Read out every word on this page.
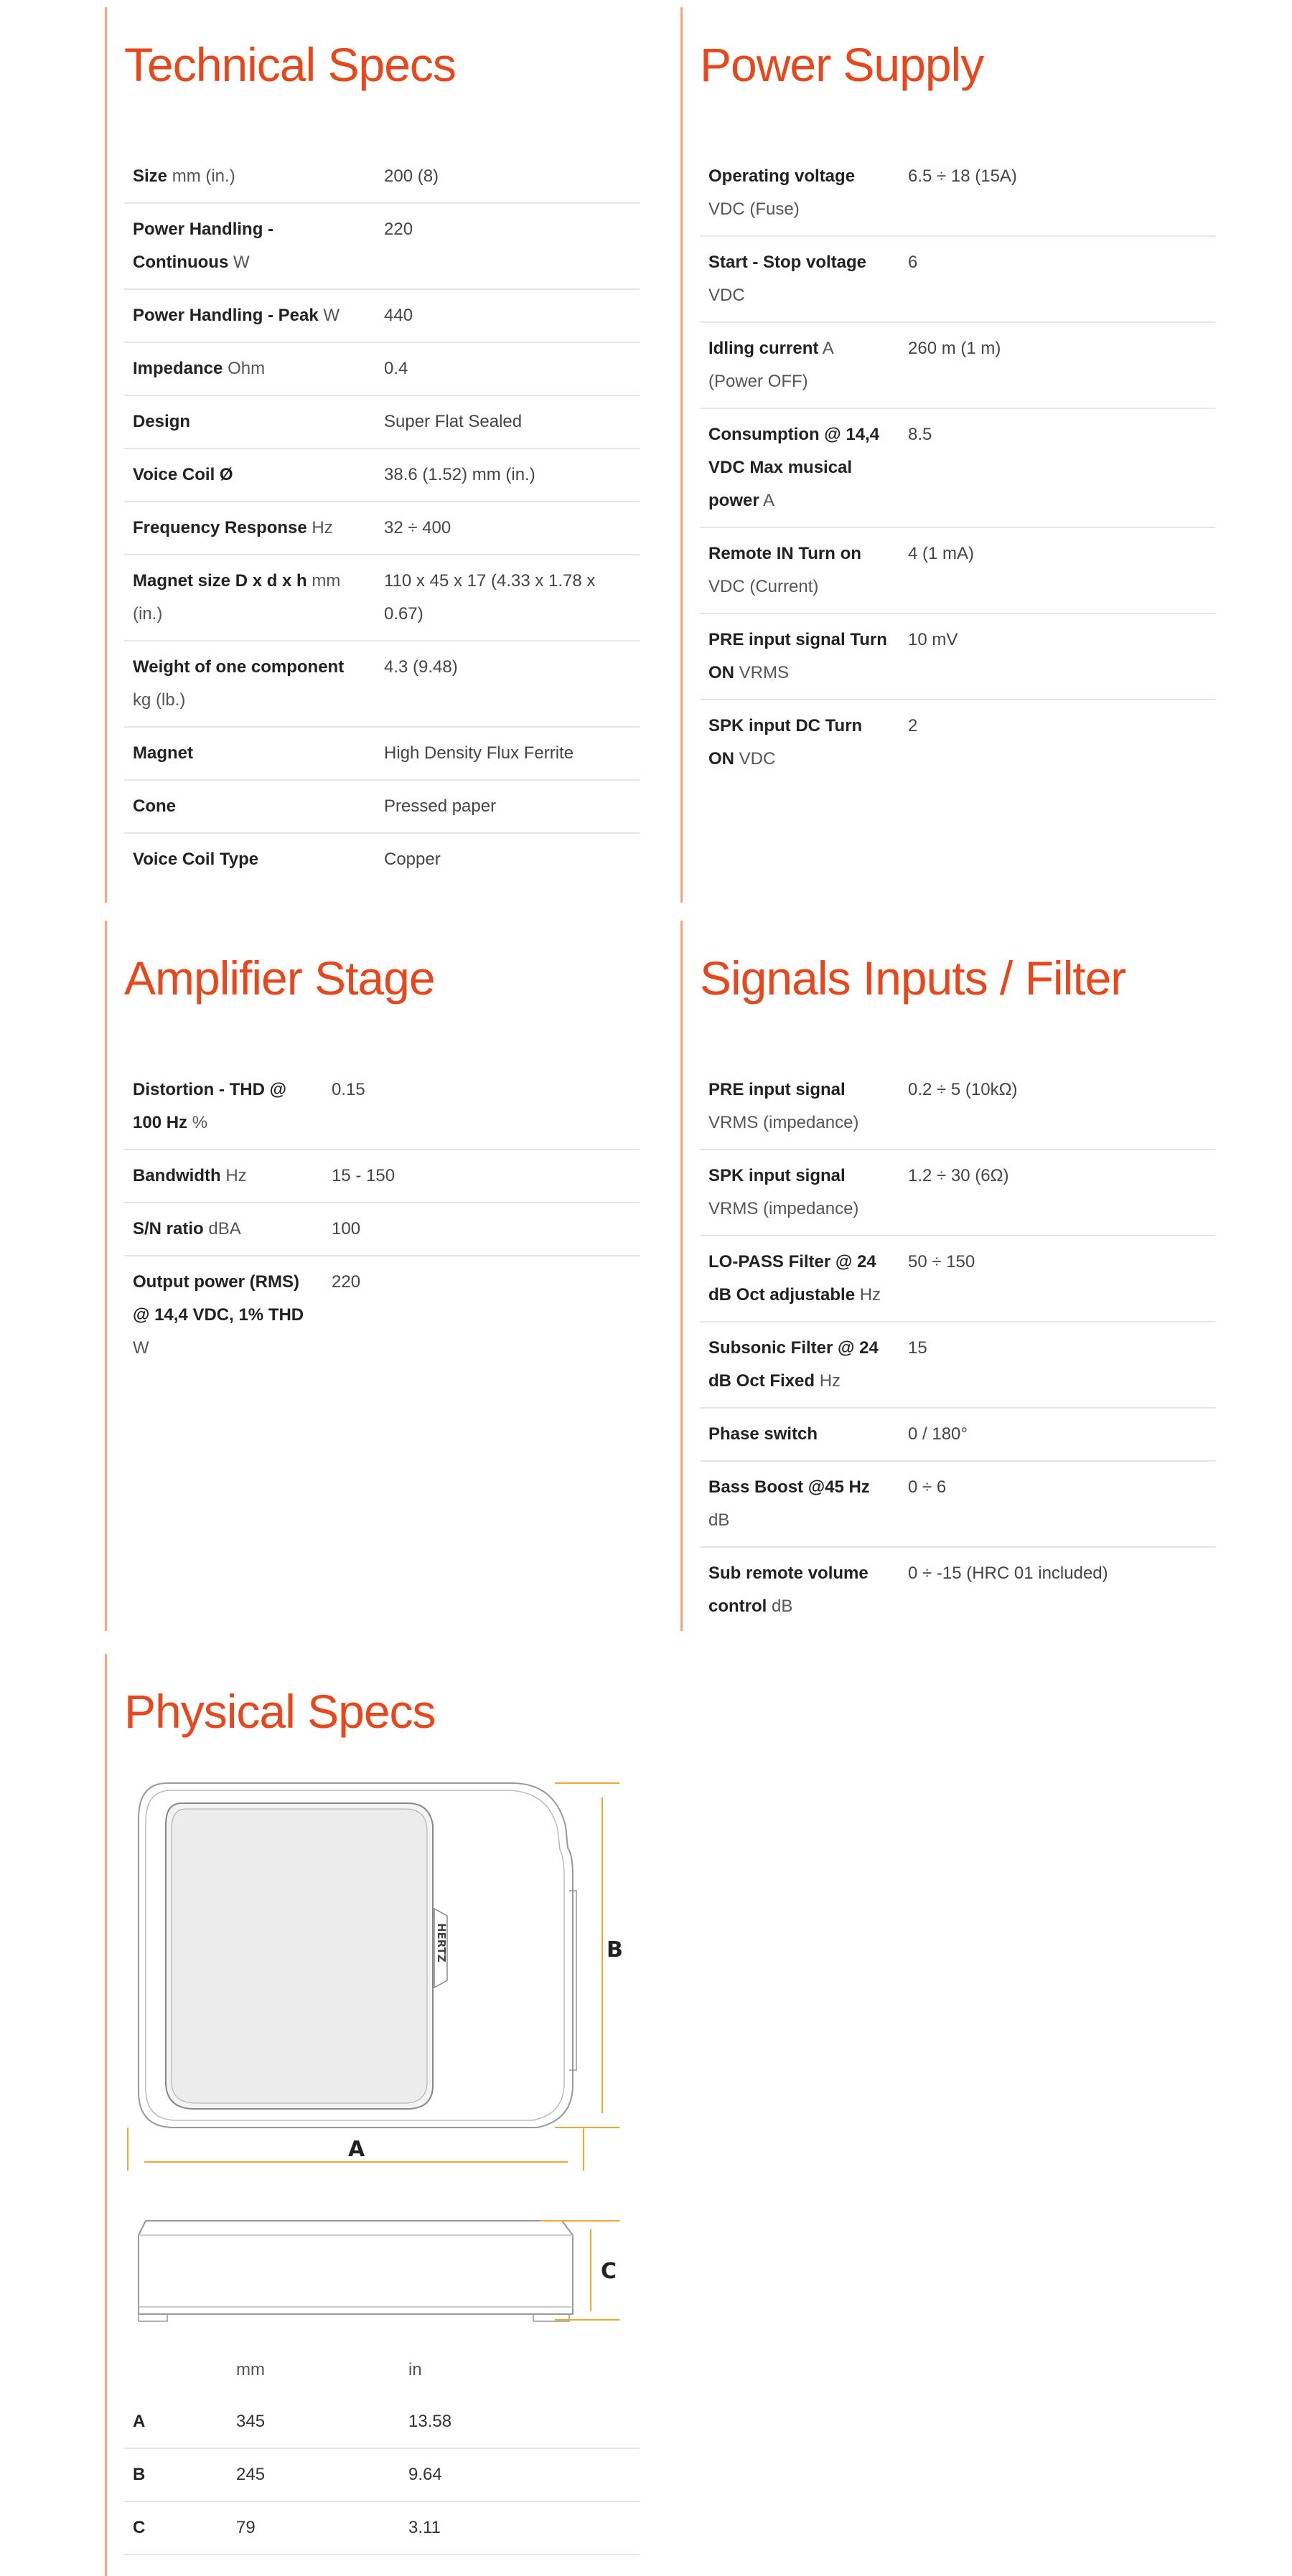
Technical Specs
Size mm (in.)	200 (8)
Power Handling - Continuous W	220
Power Handling - Peak W	440
Impedance Ohm	0.4
Design	Super Flat Sealed
Voice Coil Ø	38.6 (1.52) mm (in.)
Frequency Response Hz	32 ÷ 400
Magnet size D x d x h mm (in.)	110 x 45 x 17 (4.33 x 1.78 x 0.67)
Weight of one component kg (lb.)	4.3 (9.48)
Magnet	High Density Flux Ferrite
Cone	Pressed paper
Voice Coil Type	Copper
Power Supply
Operating voltage VDC (Fuse)	6.5 ÷ 18 (15A)
Start - Stop voltage VDC	6
Idling current A (Power OFF)	260 m (1 m)
Consumption @ 14,4 VDC Max musical power A	8.5
Remote IN Turn on VDC (Current)	4 (1 mA)
PRE input signal Turn ON VRMS	10 mV
SPK input DC Turn ON VDC	2
Amplifier Stage
Distortion - THD @ 100 Hz %	0.15
Bandwidth Hz	15 - 150
S/N ratio dBA	100
Output power (RMS) @ 14,4 VDC, 1% THD W	220
Signals Inputs / Filter
PRE input signal VRMS (impedance)	0.2 ÷ 5 (10kΩ)
SPK input signal VRMS (impedance)	1.2 ÷ 30 (6Ω)
LO-PASS Filter @ 24 dB Oct adjustable Hz	50 ÷ 150
Subsonic Filter @ 24 dB Oct Fixed Hz	15
Phase switch	0 / 180°
Bass Boost @45 Hz dB	0 ÷ 6
Sub remote volume control dB	0 ÷ -15 (HRC 01 included)
Physical Specs
HERTZ	B
A
C
	mm	in
A	345	13.58
B	245	9.64
C	79	3.11
